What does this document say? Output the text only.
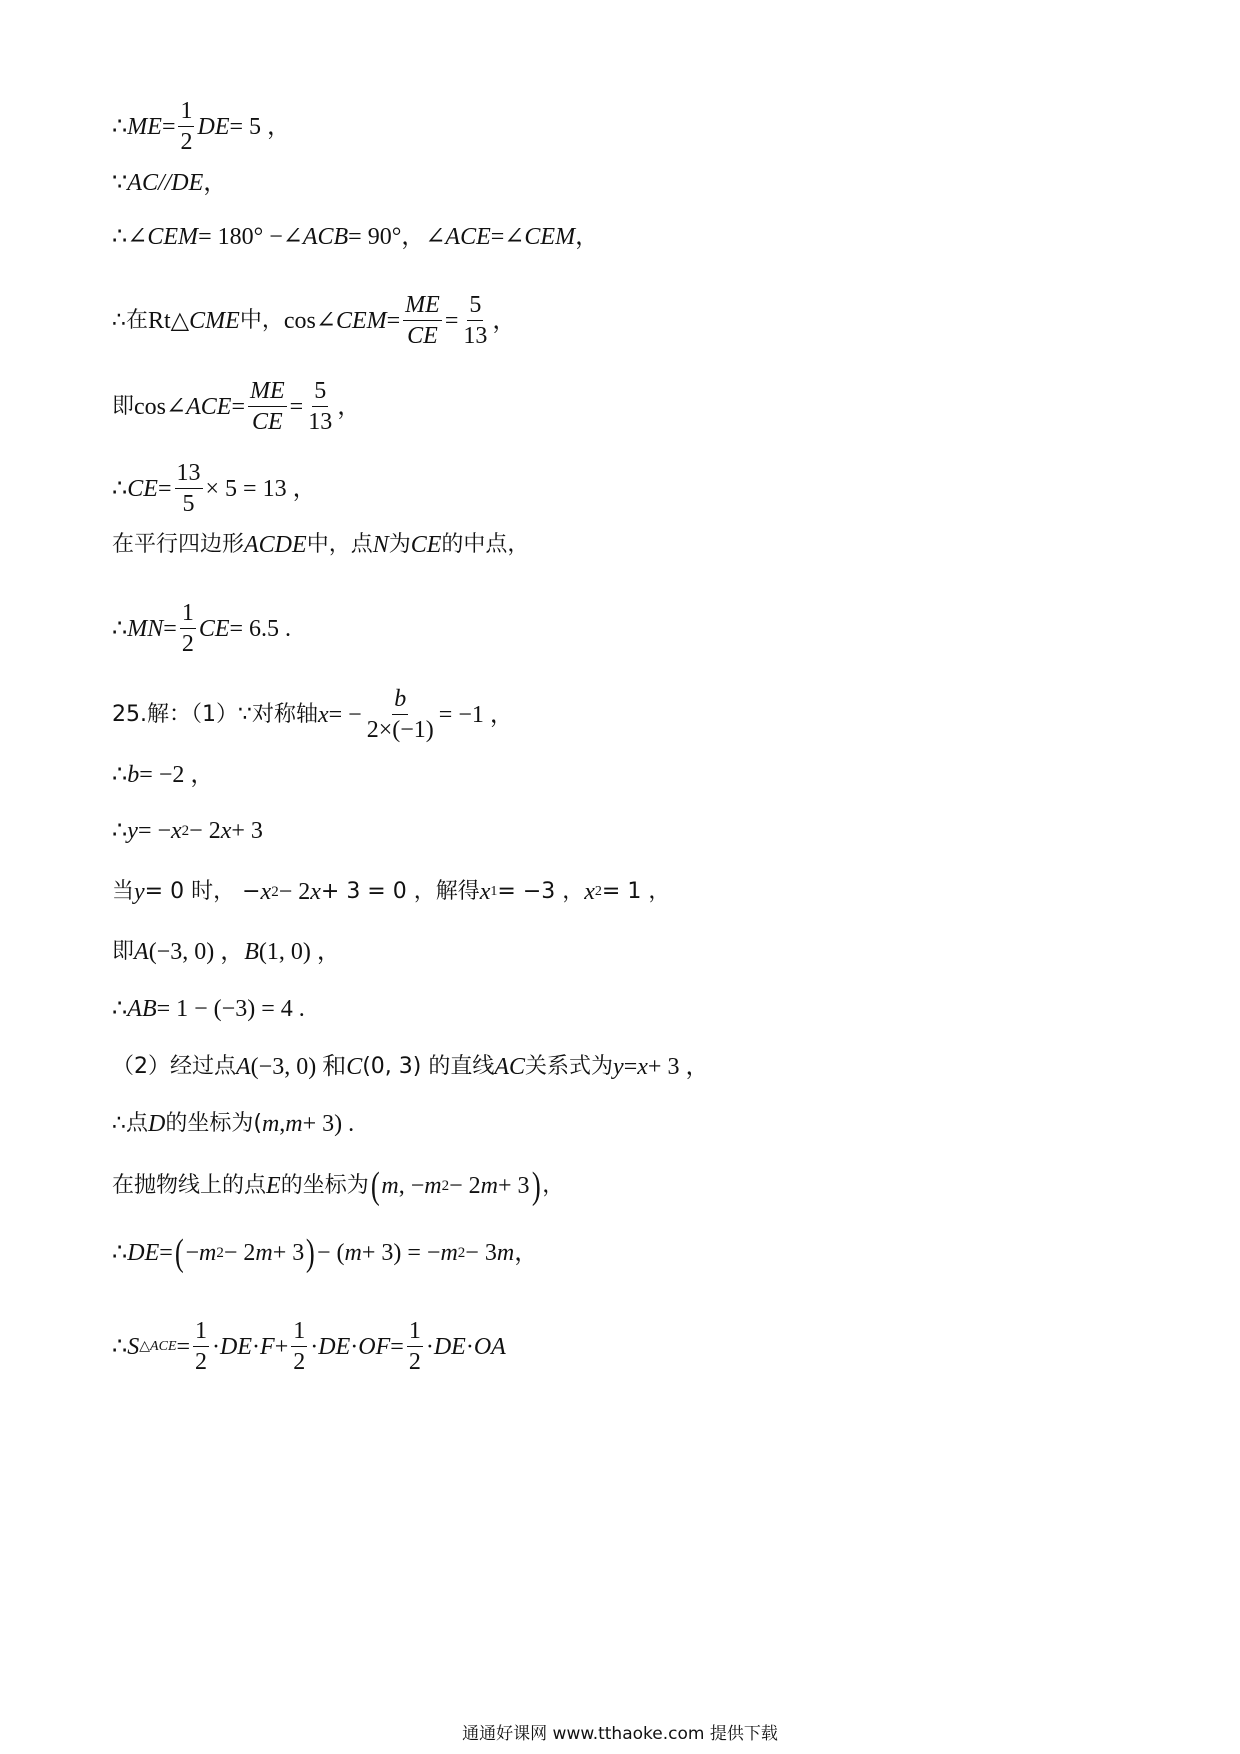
∴ ME = $\frac{1}{2}$ DE = 5 ，
∵ AC//DE ，
∴ ∠CEM = 180° − ∠ACB = 90°， ∠ACE = ∠CEM ，
∴在 Rt△ CME 中， cos∠ CEM = $\frac{ME}{CE} = \frac{5}{13}$ ，
即 cos∠ ACE = $\frac{ME}{CE} = \frac{5}{13}$ ，
∴ CE = $\frac{13}{5} \times 5 = 13$ ，
在平行四边形 ACDE 中，点 N 为 CE 的中点，
∴ MN = $\frac{1}{2}$ CE = 6.5 .
25.解：（1）∵对称轴 x = − $\frac{b}{2\times(-1)} = -1$ ，
∴ b = −2 ，
∴ y = − x 2 − 2 x + 3
当 y = 0 时， − x 2 − 2 x + 3 = 0 ，解得 x 1 = −3 ， x 2 = 1 ，
即 A (−3, 0) ， B (1, 0) ，
∴ AB = 1 − (−3) = 4 .
（2）经过点 A (−3, 0) 和 C (0, 3) 的直线 AC 关系式为 y = x + 3 ，
∴点 D 的坐标为( m , m + 3) .
在抛物线上的点 E 的坐标为 ( m , − m 2 − 2 m + 3 ) ，
∴ DE = ( − m 2 − 2 m + 3 ) − ( m + 3) = − m 2 − 3 m ，
∴ S △ACE = $\frac{1}{2}$ · DE · $F + \frac{1}{2}$ · DE · OF = $\frac{1}{2}$ · DE · OA
通通好课网 www.tthaoke.com 提供下载
